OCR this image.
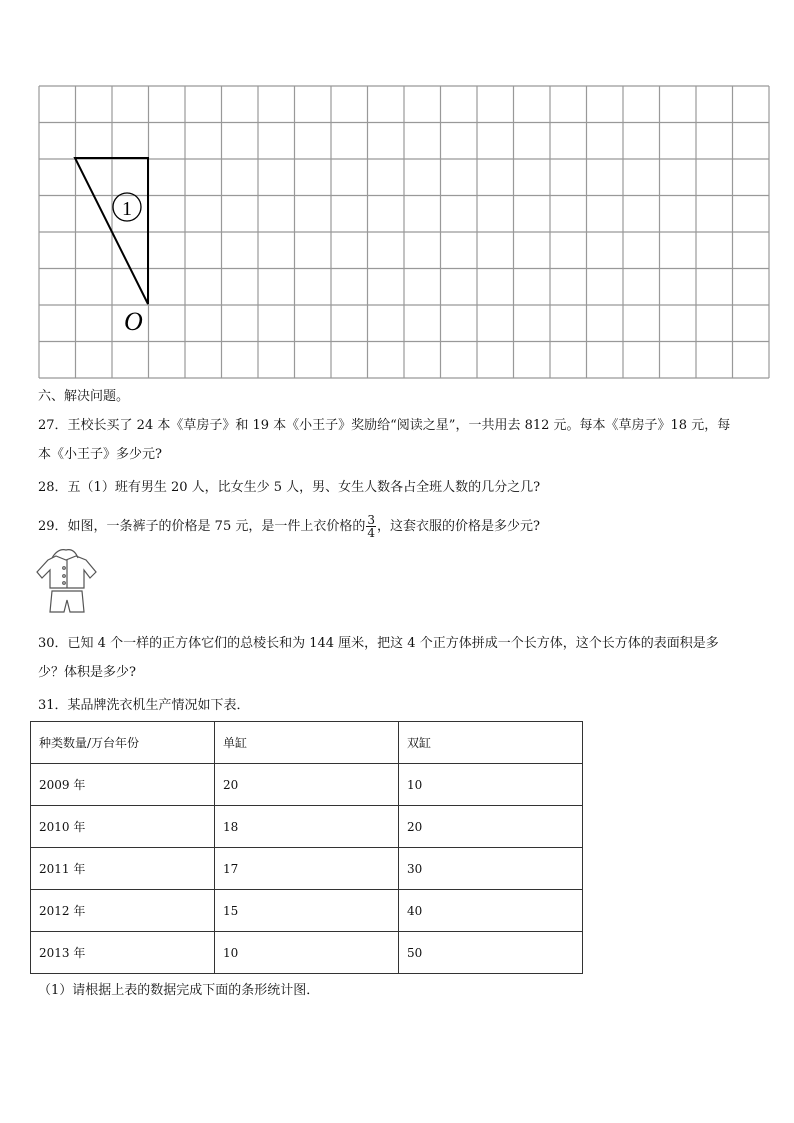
1
O
六、解决问题。
27．王校长买了 24 本《草房子》和 19 本《小王子》奖励给“阅读之星”，一共用去 812 元。每本《草房子》18 元，每
本《小王子》多少元?
28．五（1）班有男生 20 人，比女生少 5 人，男、女生人数各占全班人数的几分之几?
29．如图，一条裤子的价格是 75 元，是一件上衣价格的 $\frac{3}{4}$ ，这套衣服的价格是多少元?
30．已知 4 个一样的正方体它们的总棱长和为 144 厘米，把这 4 个正方体拼成一个长方体，这个长方体的表面积是多
少？体积是多少?
31．某品牌洗衣机生产情况如下表．
种类数量/万台年份	单缸	双缸
2009 年	20	10
2010 年	18	20
2011 年	17	30
2012 年	15	40
2013 年	10	50
（1）请根据上表的数据完成下面的条形统计图．
